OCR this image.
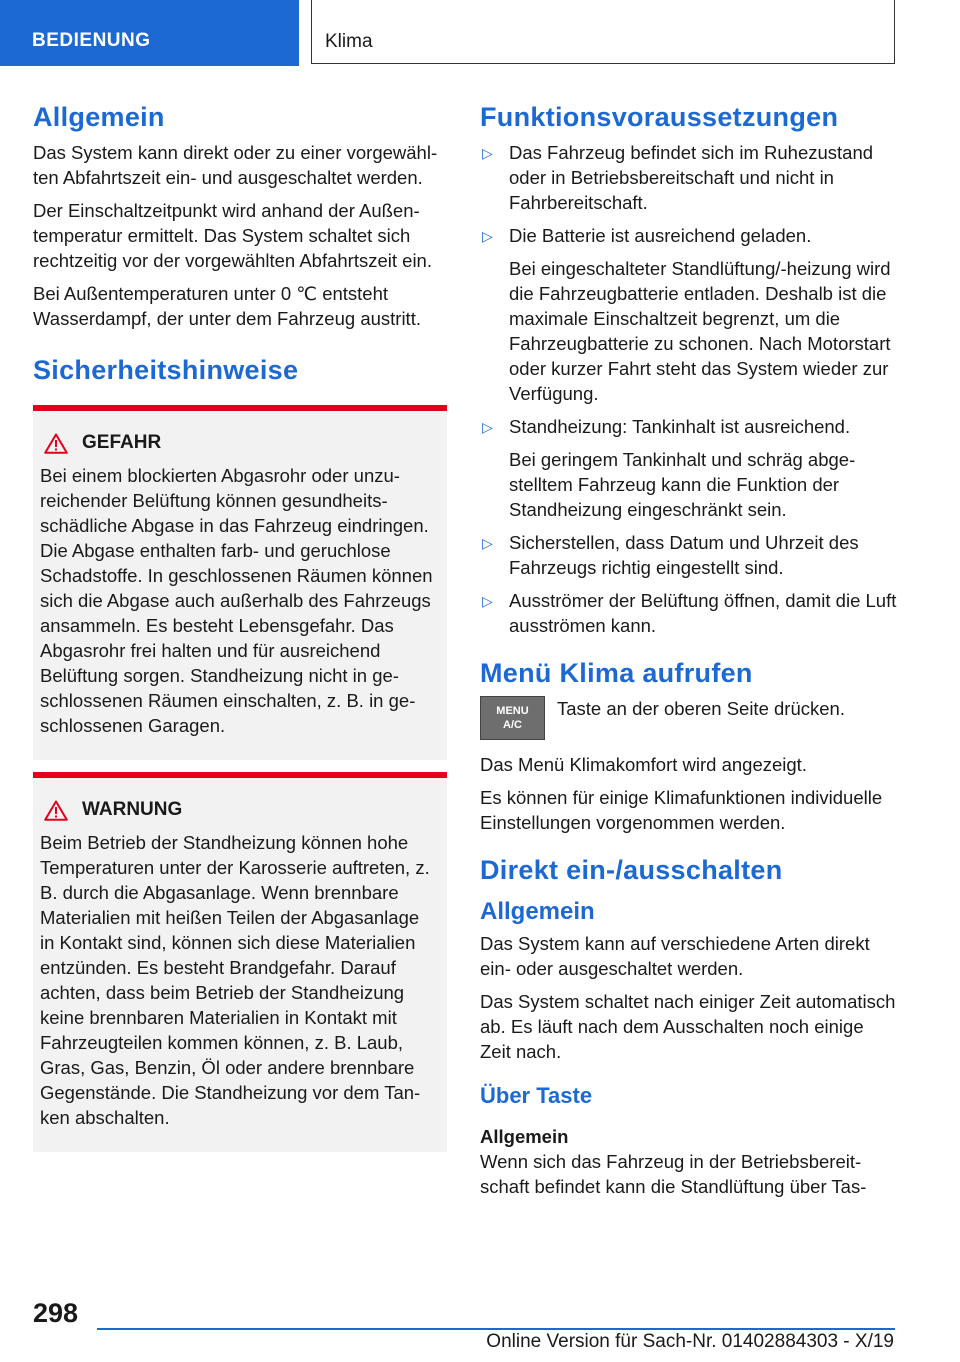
BEDIENUNG	Klima
Allgemein

Das System kann direkt oder zu einer vorgewählten Abfahrtszeit ein- und ausgeschaltet werden.

Der Einschaltzeitpunkt wird anhand der Außentemperatur ermittelt. Das System schaltet sich rechtzeitig vor der vorgewählten Abfahrtszeit ein.

Bei Außentemperaturen unter 0 ℃ entsteht Wasserdampf, der unter dem Fahrzeug austritt.

Sicherheitshinweise
GEFAHR

Bei einem blockierten Abgasrohr oder unzureichender Belüftung können gesundheitsschädliche Abgase in das Fahrzeug eindringen. Die Abgase enthalten farb- und geruchlose Schadstoffe. In geschlossenen Räumen können sich die Abgase auch außerhalb des Fahrzeugs ansammeln. Es besteht Lebensgefahr. Das Abgasrohr frei halten und für ausreichend Belüftung sorgen. Standheizung nicht in geschlossenen Räumen einschalten, z. B. in geschlossenen Garagen.

WARNUNG

Beim Betrieb der Standheizung können hohe Temperaturen unter der Karosserie auftreten, z. B. durch die Abgasanlage. Wenn brennbare Materialien mit heißen Teilen der Abgasanlage in Kontakt sind, können sich diese Materialien entzünden. Es besteht Brandgefahr. Darauf achten, dass beim Betrieb der Standheizung keine brennbaren Materialien in Kontakt mit Fahrzeugteilen kommen können, z. B. Laub, Gras, Gas, Benzin, Öl oder andere brennbare Gegenstände. Die Standheizung vor dem Tanken abschalten.

Funktionsvoraussetzungen
▷ Das Fahrzeug befindet sich im Ruhezustand oder in Betriebsbereitschaft und nicht in Fahrbereitschaft.

▷ Die Batterie ist ausreichend geladen.

Bei eingeschalteter Standlüftung/-heizung wird die Fahrzeugbatterie entladen. Deshalb ist die maximale Einschaltzeit begrenzt, um die Fahrzeugbatterie zu schonen. Nach Motorstart oder kurzer Fahrt steht das System wieder zur Verfügung.

▷ Standheizung: Tankinhalt ist ausreichend.

Bei geringem Tankinhalt und schräg abgestelltem Fahrzeug kann die Funktion der Standheizung eingeschränkt sein.

▷ Sicherstellen, dass Datum und Uhrzeit des Fahrzeugs richtig eingestellt sind.

▷ Ausströmer der Belüftung öffnen, damit die Luft ausströmen kann.

Menü Klima aufrufen
MENU
A/C

Taste an der oberen Seite drücken.

Das Menü Klimakomfort wird angezeigt.

Es können für einige Klimafunktionen individuelle Einstellungen vorgenommen werden.

Direkt ein-/ausschalten
Allgemein

Das System kann auf verschiedene Arten direkt ein- oder ausgeschaltet werden.

Das System schaltet nach einiger Zeit automatisch ab. Es läuft nach dem Ausschalten noch einige Zeit nach.

Über Taste
Allgemein

Wenn sich das Fahrzeug in der Betriebsbereitschaft befindet kann die Standlüftung über Tas-

298
Online Version für Sach-Nr. 01402884303 - X/19
